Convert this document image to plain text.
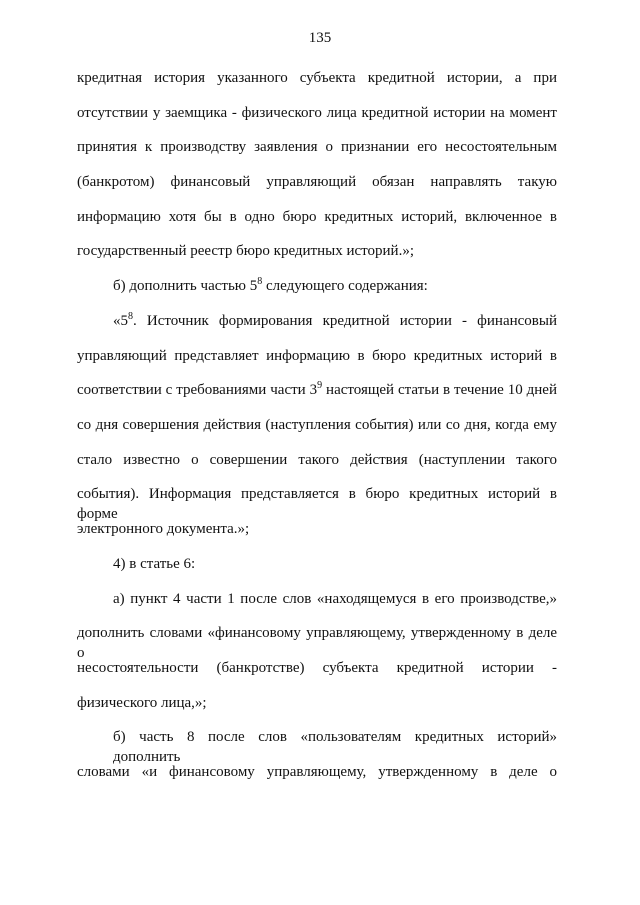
135
кредитная история указанного субъекта кредитной истории, а при
отсутствии у заемщика - физического лица кредитной истории на момент
принятия к производству заявления о признании его несостоятельным
(банкротом) финансовый управляющий обязан направлять такую
информацию хотя бы в одно бюро кредитных историй, включенное в
государственный реестр бюро кредитных историй.»;
б) дополнить частью $5^8$ следующего содержания:
«$5^8$. Источник формирования кредитной истории - финансовый
управляющий представляет информацию в бюро кредитных историй в
соответствии с требованиями части $3^9$ настоящей статьи в течение 10 дней
со дня совершения действия (наступления события) или со дня, когда ему
стало известно о совершении такого действия (наступлении такого
события). Информация представляется в бюро кредитных историй в форме
электронного документа.»;
4) в статье 6:
а) пункт 4 части 1 после слов «находящемуся в его производстве,»
дополнить словами «финансовому управляющему, утвержденному в деле о
несостоятельности (банкротстве) субъекта кредитной истории -
физического лица,»;
б) часть 8 после слов «пользователям кредитных историй» дополнить
словами «и финансовому управляющему, утвержденному в деле о
